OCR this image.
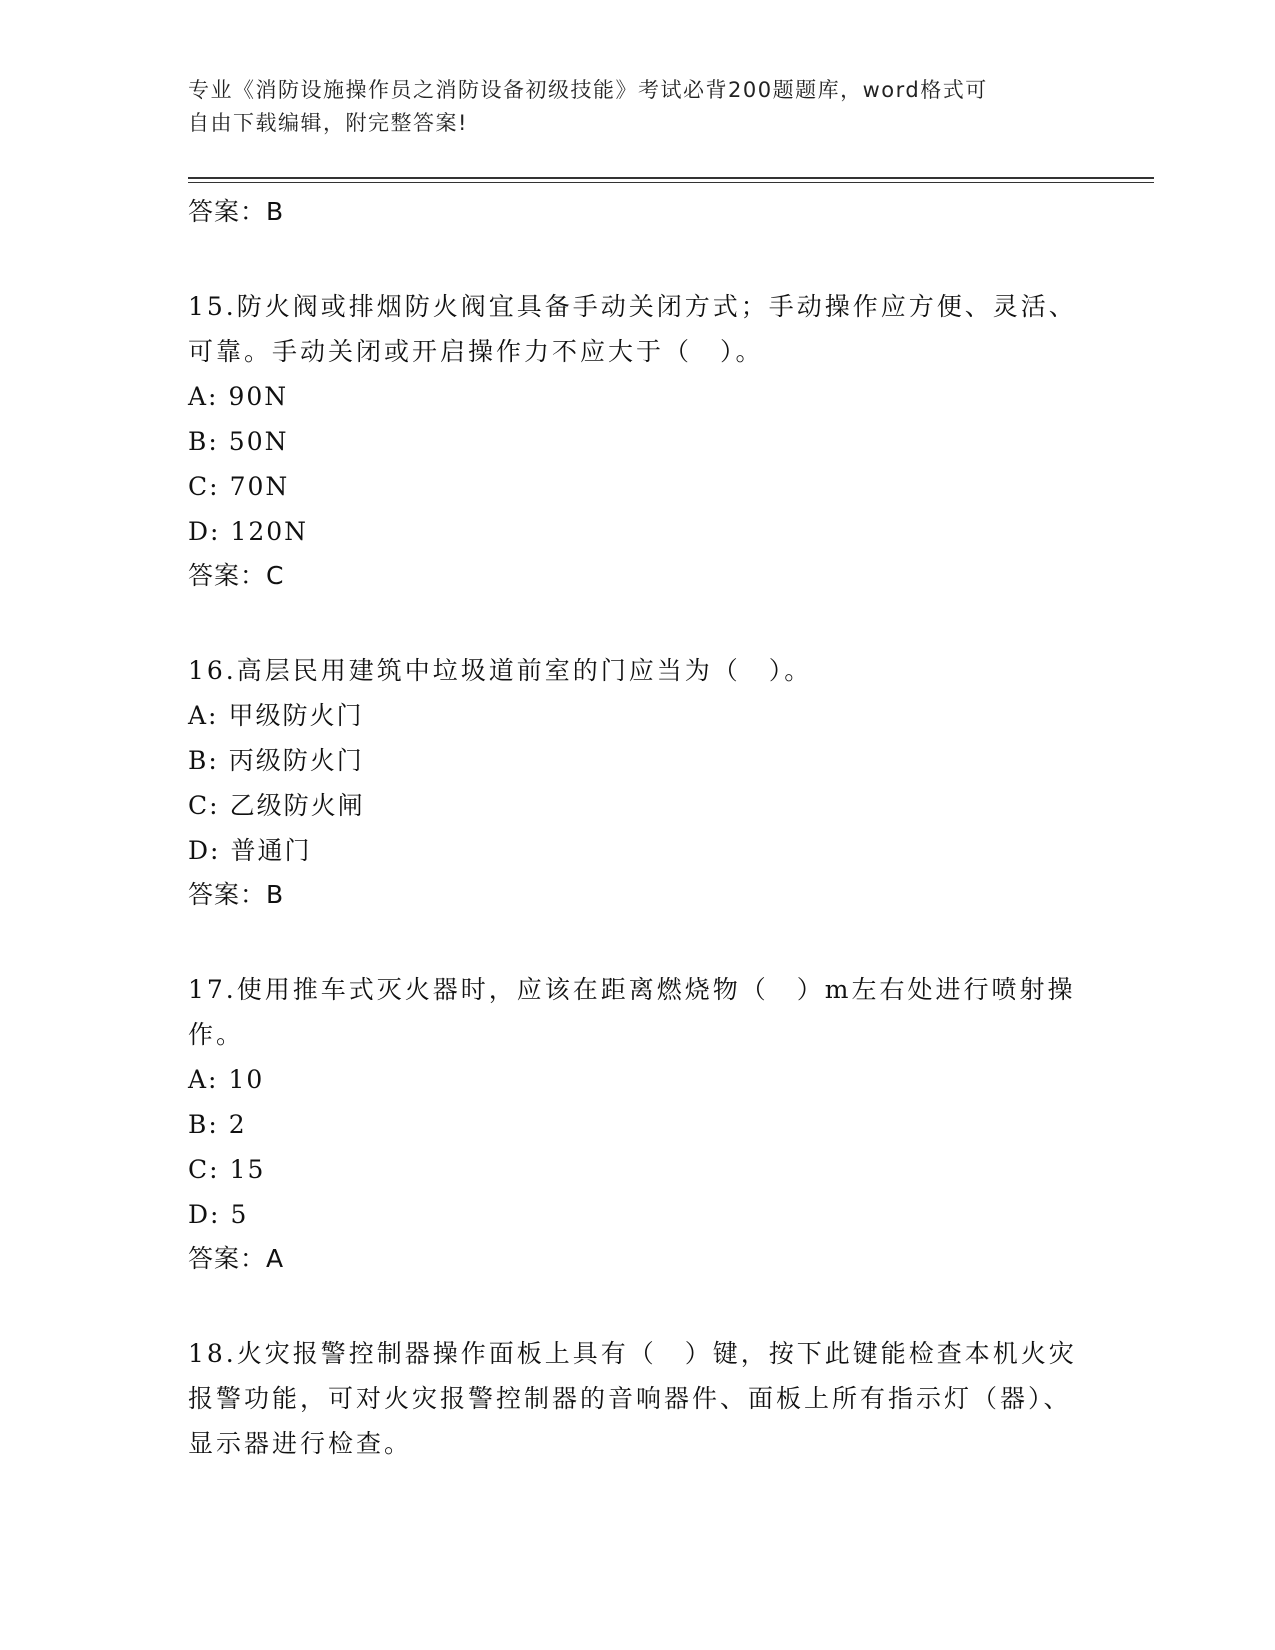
专业《消防设施操作员之消防设备初级技能》考试必背200题题库，word格式可
自由下载编辑，附完整答案!
答案：B

15.防火阀或排烟防火阀宜具备手动关闭方式；手动操作应方便、灵活、可靠。手动关闭或开启操作力不应大于（　）。

A: 90N

B: 50N

C: 70N

D: 120N

答案：C

16.高层民用建筑中垃圾道前室的门应当为（　）。

A: 甲级防火门

B: 丙级防火门

C: 乙级防火闸

D: 普通门

答案：B

17.使用推车式灭火器时，应该在距离燃烧物（　）m左右处进行喷射操作。

A: 10

B: 2

C: 15

D: 5

答案：A

18.火灾报警控制器操作面板上具有（　）键，按下此键能检查本机火灾报警功能，可对火灾报警控制器的音响器件、面板上所有指示灯（器）、显示器进行检查。
